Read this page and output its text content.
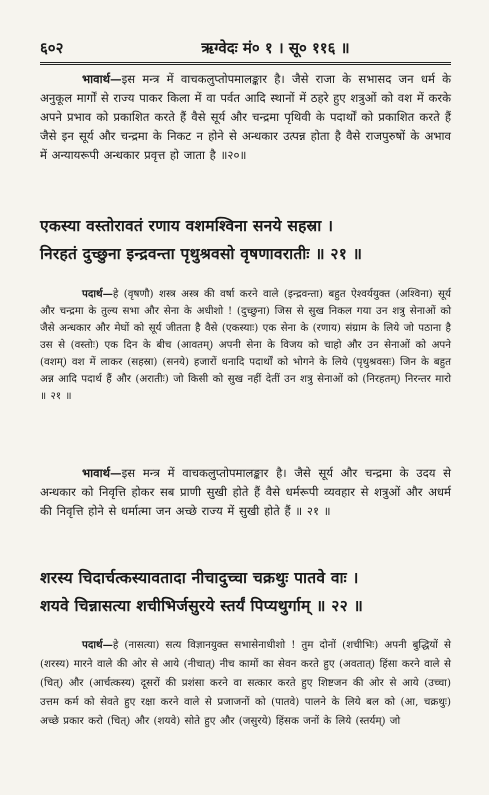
६०२	ऋग्वेदः मं० १ । सू० ११६ ॥
भावार्थ—इस मन्त्र में वाचकलुप्तोपमालङ्कार है। जैसे राजा के सभासद जन धर्म के अनुकूल मार्गों से राज्य पाकर किला में वा पर्वत आदि स्थानों में ठहरे हुए शत्रुओं को वश में करके अपने प्रभाव को प्रकाशित करते हैं वैसे सूर्य और चन्द्रमा पृथिवी के पदार्थों को प्रकाशित करते हैं जैसे इन सूर्य और चन्द्रमा के निकट न होने से अन्धकार उत्पन्न होता है वैसे राजपुरुषों के अभाव में अन्यायरूपी अन्धकार प्रवृत्त हो जाता है ॥२०॥
एकस्या वस्तोरावतं रणाय वशमश्विना सनये सहस्रा ।
निरहतं दुच्छुना इन्द्रवन्ता पृथुश्रवसो वृषणावरातीः ॥ २१ ॥
पदार्थ—हे (वृषणौ) शस्त्र अस्त्र की वर्षा करने वाले (इन्द्रवन्ता) बहुत ऐश्वर्ययुक्त (अश्विना) सूर्य और चन्द्रमा के तुल्य सभा और सेना के अधीशो ! (दुच्छुना) जिस से सुख निकल गया उन शत्रु सेनाओं को जैसे अन्धकार और मेघों को सूर्य जीतता है वैसे (एकस्याः) एक सेना के (रणाय) संग्राम के लिये जो पठाना है उस से (वस्तोः) एक दिन के बीच (आवतम्) अपनी सेना के विजय को चाहो और उन सेनाओं को अपने (वशम्) वश में लाकर (सहस्रा) (सनये) हजारों धनादि पदार्थों को भोगने के लिये (पृथुश्रवसः) जिन के बहुत अन्न आदि पदार्थ हैं और (अरातीः) जो किसी को सुख नहीं देतीं उन शत्रु सेनाओं को (निरहतम्) निरन्तर मारो ॥ २१ ॥
भावार्थ—इस मन्त्र में वाचकलुप्तोपमालङ्कार है। जैसे सूर्य और चन्द्रमा के उदय से अन्धकार को निवृत्ति होकर सब प्राणी सुखी होते हैं वैसे धर्मरूपी व्यवहार से शत्रुओं और अधर्म की निवृत्ति होने से धर्मात्मा जन अच्छे राज्य में सुखी होते हैं ॥ २१ ॥
शरस्य चिदार्चत्कस्यावतादा नीचादुच्चा चक्रथुः पातवे वाः ।
शयवे चिन्नासत्या शचीभिर्जसुरये स्तर्यं पिप्यथुर्गाम् ॥ २२ ॥
पदार्थ—हे (नासत्या) सत्य विज्ञानयुक्त सभासेनाधीशो ! तुम दोनों (शचीभिः) अपनी बुद्धियों से (शरस्य) मारने वाले की ओर से आये (नीचात्) नीच कामों का सेवन करते हुए (अवतात्) हिंसा करने वाले से (चित्) और (आर्चत्कस्य) दूसरों की प्रशंसा करने वा सत्कार करते हुए शिष्टजन की ओर से आये (उच्चा) उत्तम कर्म को सेवते हुए रक्षा करने वाले से प्रजाजनों को (पातवे) पालने के लिये बल को (आ, चक्रथुः) अच्छे प्रकार करो (चित्) और (शयवे) सोते हुए और (जसुरये) हिंसक जनों के लिये (स्तर्यम्) जो
